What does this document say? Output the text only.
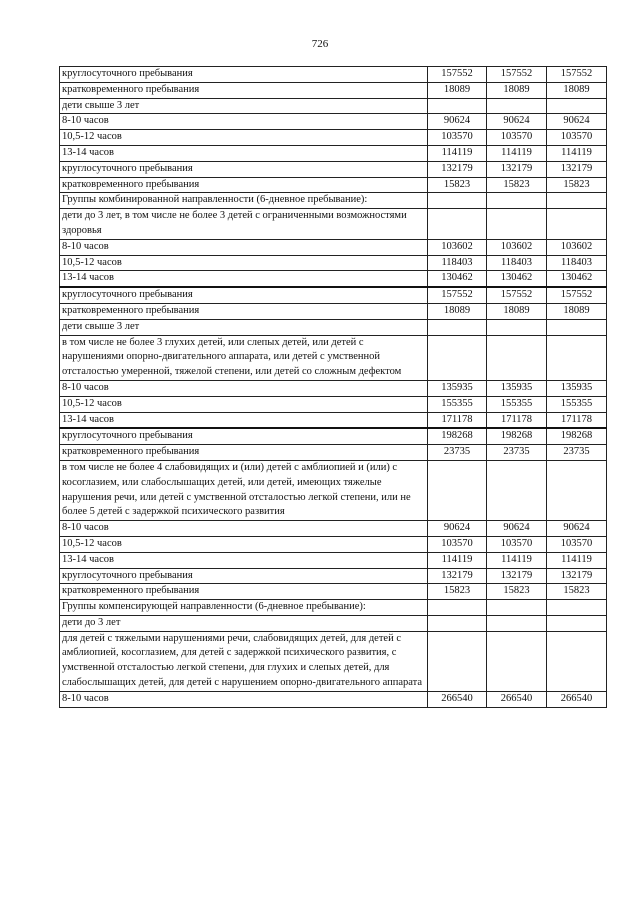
726
круглосуточного пребывания	157552	157552	157552
кратковременного пребывания	18089	18089	18089
дети свыше 3 лет			
8-10 часов	90624	90624	90624
10,5-12 часов	103570	103570	103570
13-14 часов	114119	114119	114119
круглосуточного пребывания	132179	132179	132179
кратковременного пребывания	15823	15823	15823
Группы комбинированной направленности (6-дневное пребывание):			
дети до 3 лет, в том числе не более 3 детей с ограниченными возможностями здоровья			
8-10 часов	103602	103602	103602
10,5-12 часов	118403	118403	118403
13-14 часов	130462	130462	130462
круглосуточного пребывания	157552	157552	157552
кратковременного пребывания	18089	18089	18089
дети свыше 3 лет			
в том числе не более 3 глухих детей, или слепых детей, или детей с нарушениями опорно-двигательного аппарата, или детей с умственной отсталостью умеренной, тяжелой степени, или детей со сложным дефектом			
8-10 часов	135935	135935	135935
10,5-12 часов	155355	155355	155355
13-14 часов	171178	171178	171178
круглосуточного пребывания	198268	198268	198268
кратковременного пребывания	23735	23735	23735
в том числе не более 4 слабовидящих и (или) детей с амблиопией и (или) с косоглазием, или слабослышащих детей, или детей, имеющих тяжелые нарушения речи, или детей с умственной отсталостью легкой степени, или не более 5 детей с задержкой психического развития			
8-10 часов	90624	90624	90624
10,5-12 часов	103570	103570	103570
13-14 часов	114119	114119	114119
круглосуточного пребывания	132179	132179	132179
кратковременного пребывания	15823	15823	15823
Группы компенсирующей направленности (6-дневное пребывание):			
дети до 3 лет			
для детей с тяжелыми нарушениями речи, слабовидящих детей, для детей с амблиопией, косоглазием, для детей с задержкой психического развития, с умственной отсталостью легкой степени, для глухих и слепых детей, для слабослышащих детей, для детей с нарушением опорно-двигательного аппарата			
8-10 часов	266540	266540	266540
